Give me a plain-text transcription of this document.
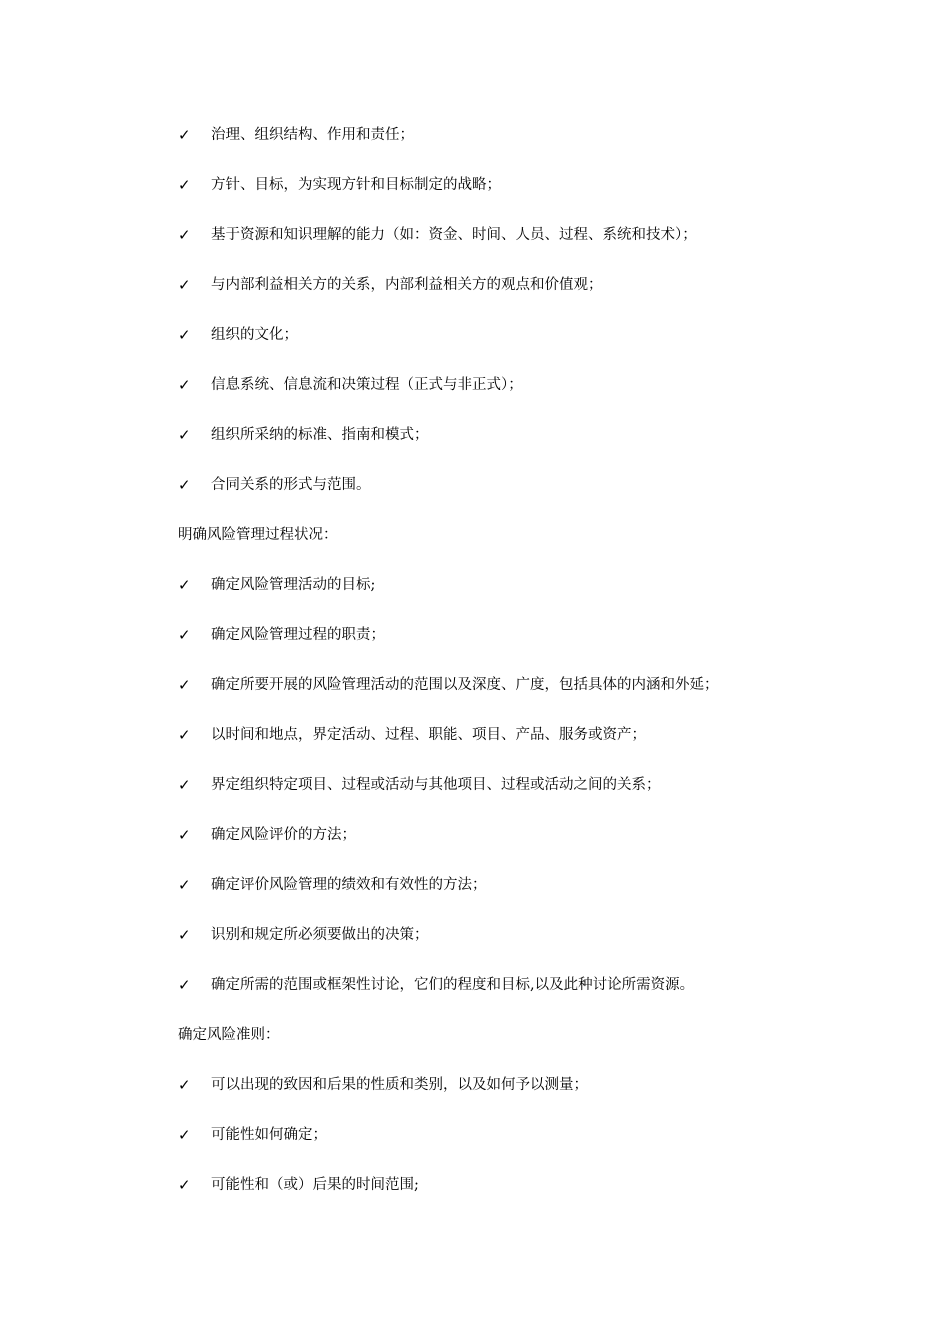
✓ 治理、组织结构、作用和责任；
✓ 方针、目标，为实现方针和目标制定的战略；
✓ 基于资源和知识理解的能力（如：资金、时间、人员、过程、系统和技术）；
✓ 与内部利益相关方的关系，内部利益相关方的观点和价值观；
✓ 组织的文化；
✓ 信息系统、信息流和决策过程（正式与非正式）；
✓ 组织所采纳的标准、指南和模式；
✓ 合同关系的形式与范围。
明确风险管理过程状况：
✓ 确定风险管理活动的目标;
✓ 确定风险管理过程的职责；
✓ 确定所要开展的风险管理活动的范围以及深度、广度，包括具体的内涵和外延；
✓ 以时间和地点，界定活动、过程、职能、项目、产品、服务或资产；
✓ 界定组织特定项目、过程或活动与其他项目、过程或活动之间的关系；
✓ 确定风险评价的方法；
✓ 确定评价风险管理的绩效和有效性的方法；
✓ 识别和规定所必须要做出的决策；
✓ 确定所需的范围或框架性讨论，它们的程度和目标,以及此种讨论所需资源。
确定风险准则：
✓ 可以出现的致因和后果的性质和类别，以及如何予以测量；
✓ 可能性如何确定；
✓ 可能性和（或）后果的时间范围;
